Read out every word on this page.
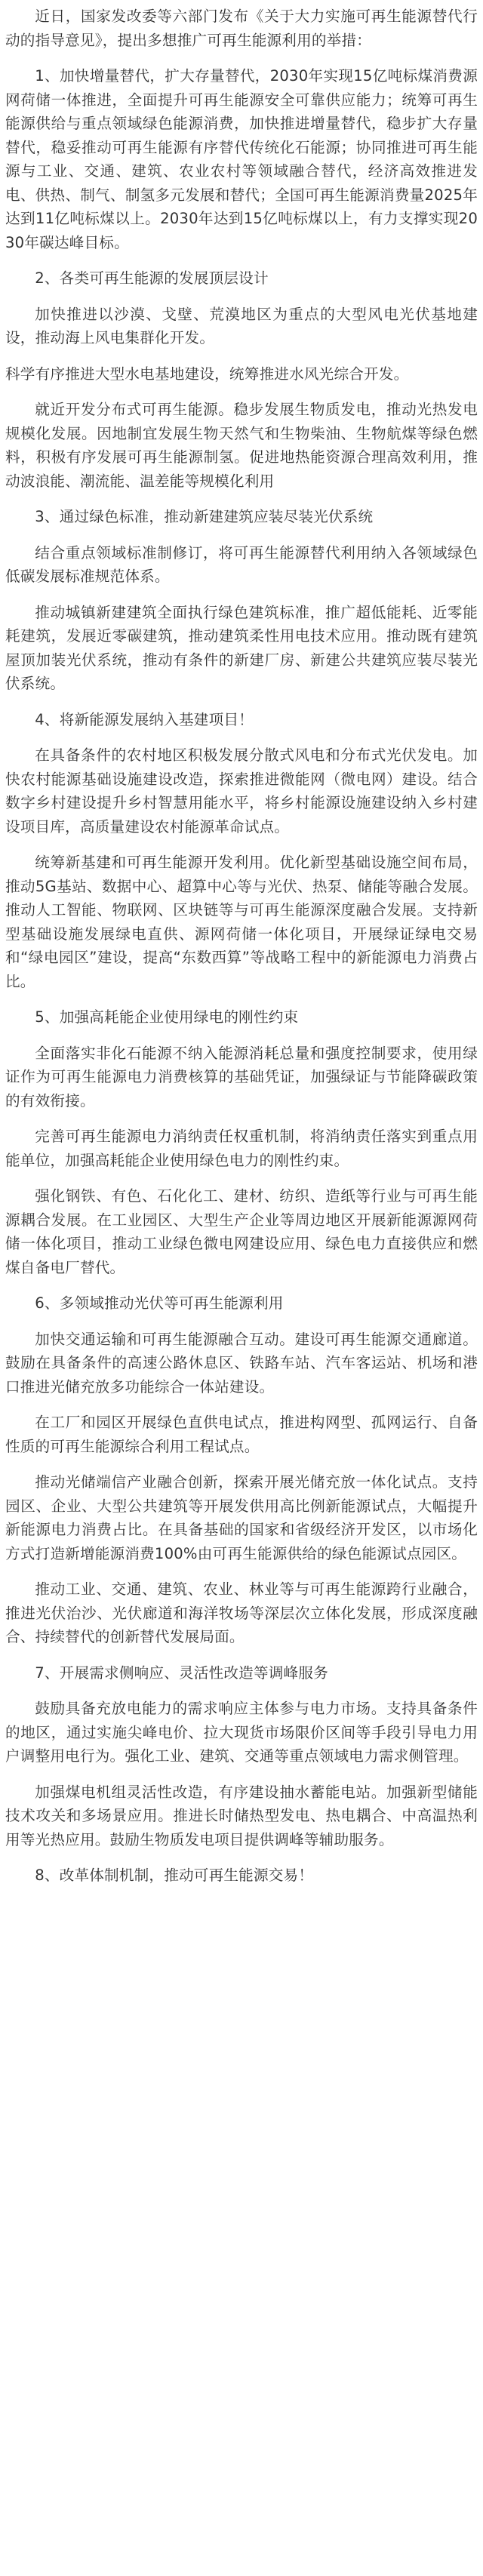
近日，国家发改委等六部门发布《关于大力实施可再生能源替代行动的指导意见》，提出多想推广可再生能源利用的举措：

1、加快增量替代，扩大存量替代，2030年实现15亿吨标煤消费源网荷储一体推进，全面提升可再生能源安全可靠供应能力；统筹可再生能源供给与重点领域绿色能源消费，加快推进增量替代，稳步扩大存量替代，稳妥推动可再生能源有序替代传统化石能源；协同推进可再生能源与工业、交通、建筑、农业农村等领域融合替代，经济高效推进发电、供热、制气、制氢多元发展和替代；全国可再生能源消费量2025年达到11亿吨标煤以上。2030年达到15亿吨标煤以上，有力支撑实现2030年碳达峰目标。

2、各类可再生能源的发展顶层设计

加快推进以沙漠、戈壁、荒漠地区为重点的大型风电光伏基地建设，推动海上风电集群化开发。

科学有序推进大型水电基地建设，统筹推进水风光综合开发。

就近开发分布式可再生能源。稳步发展生物质发电，推动光热发电规模化发展。因地制宜发展生物天然气和生物柴油、生物航煤等绿色燃料，积极有序发展可再生能源制氢。促进地热能资源合理高效利用，推动波浪能、潮流能、温差能等规模化利用

3、通过绿色标准，推动新建建筑应装尽装光伏系统

结合重点领域标准制修订，将可再生能源替代利用纳入各领域绿色低碳发展标准规范体系。

推动城镇新建建筑全面执行绿色建筑标准，推广超低能耗、近零能耗建筑，发展近零碳建筑，推动建筑柔性用电技术应用。推动既有建筑屋顶加装光伏系统，推动有条件的新建厂房、新建公共建筑应装尽装光伏系统。

4、将新能源发展纳入基建项目！

在具备条件的农村地区积极发展分散式风电和分布式光伏发电。加快农村能源基础设施建设改造，探索推进微能网（微电网）建设。结合数字乡村建设提升乡村智慧用能水平，将乡村能源设施建设纳入乡村建设项目库，高质量建设农村能源革命试点。

统筹新基建和可再生能源开发利用。优化新型基础设施空间布局，推动5G基站、数据中心、超算中心等与光伏、热泵、储能等融合发展。推动人工智能、物联网、区块链等与可再生能源深度融合发展。支持新型基础设施发展绿电直供、源网荷储一体化项目，开展绿证绿电交易和“绿电园区”建设，提高“东数西算”等战略工程中的新能源电力消费占比。

5、加强高耗能企业使用绿电的刚性约束

全面落实非化石能源不纳入能源消耗总量和强度控制要求，使用绿证作为可再生能源电力消费核算的基础凭证，加强绿证与节能降碳政策的有效衔接。

完善可再生能源电力消纳责任权重机制，将消纳责任落实到重点用能单位，加强高耗能企业使用绿色电力的刚性约束。

强化钢铁、有色、石化化工、建材、纺织、造纸等行业与可再生能源耦合发展。在工业园区、大型生产企业等周边地区开展新能源源网荷储一体化项目，推动工业绿色微电网建设应用、绿色电力直接供应和燃煤自备电厂替代。

6、多领域推动光伏等可再生能源利用

加快交通运输和可再生能源融合互动。建设可再生能源交通廊道。鼓励在具备条件的高速公路休息区、铁路车站、汽车客运站、机场和港口推进光储充放多功能综合一体站建设。

在工厂和园区开展绿色直供电试点，推进构网型、孤网运行、自备性质的可再生能源综合利用工程试点。

推动光储端信产业融合创新，探索开展光储充放一体化试点。支持园区、企业、大型公共建筑等开展发供用高比例新能源试点，大幅提升新能源电力消费占比。在具备基础的国家和省级经济开发区，以市场化方式打造新增能源消费100%由可再生能源供给的绿色能源试点园区。

推动工业、交通、建筑、农业、林业等与可再生能源跨行业融合，推进光伏治沙、光伏廊道和海洋牧场等深层次立体化发展，形成深度融合、持续替代的创新替代发展局面。

7、开展需求侧响应、灵活性改造等调峰服务

鼓励具备充放电能力的需求响应主体参与电力市场。支持具备条件的地区，通过实施尖峰电价、拉大现货市场限价区间等手段引导电力用户调整用电行为。强化工业、建筑、交通等重点领域电力需求侧管理。

加强煤电机组灵活性改造，有序建设抽水蓄能电站。加强新型储能技术攻关和多场景应用。推进长时储热型发电、热电耦合、中高温热利用等光热应用。鼓励生物质发电项目提供调峰等辅助服务。

8、改革体制机制，推动可再生能源交易！
